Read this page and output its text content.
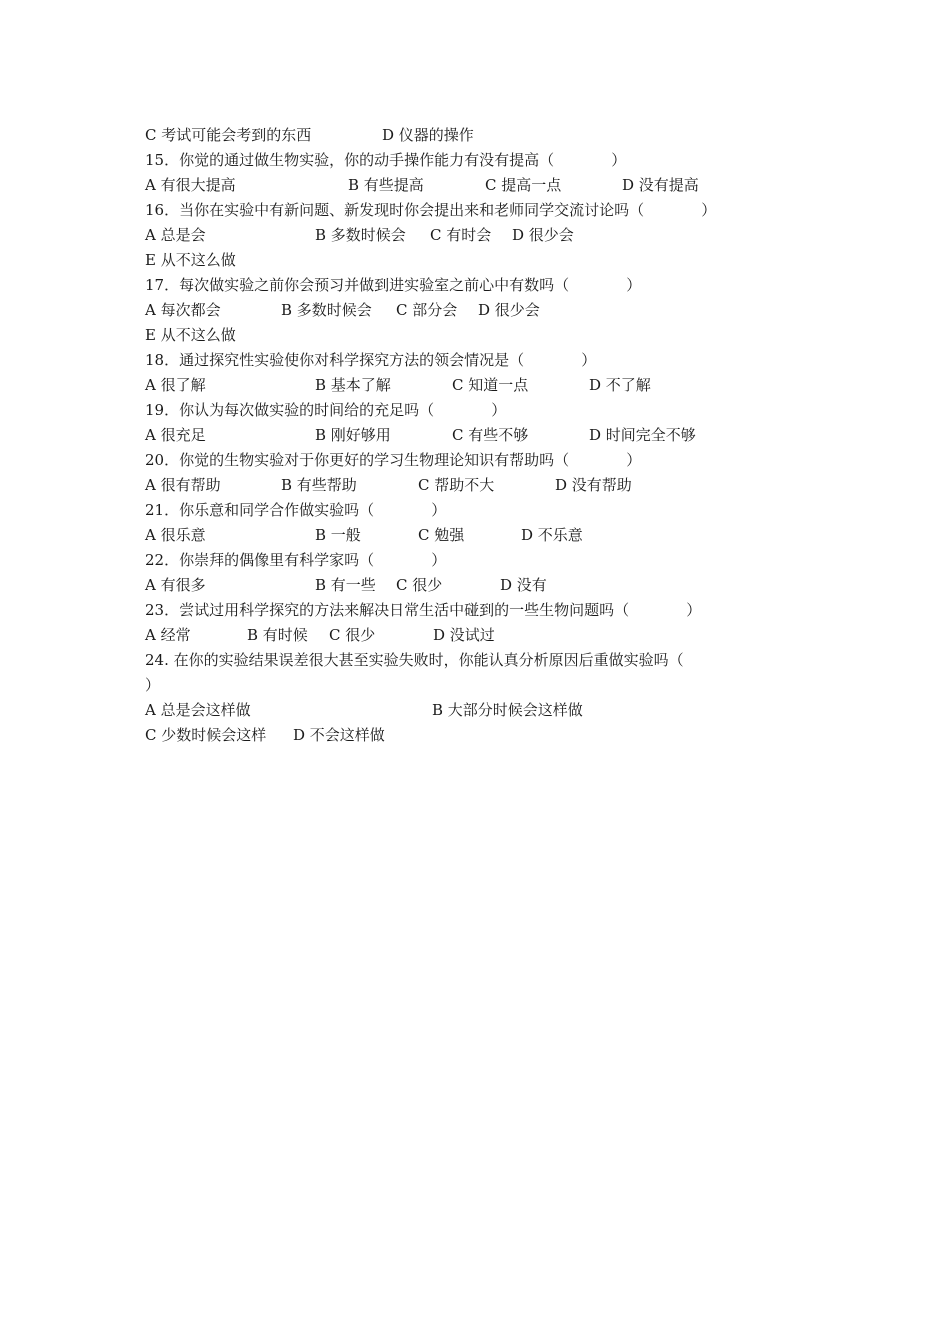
C 考试可能会考到的东西

	D 仪器的操作

15．你觉的通过做生物实验，你的动手操作能力有没有提高（            ）

A 有很大提高

	B 有些提高

	C 提高一点

	D 没有提高

16．当你在实验中有新问题、新发现时你会提出来和老师同学交流讨论吗（            ）

A 总是会

	B 多数时候会

C 有时会

D 很少会

E 从不这么做

17．每次做实验之前你会预习并做到进实验室之前心中有数吗（            ）

A 每次都会

	B 多数时候会

C 部分会

D 很少会

E 从不这么做

18．通过探究性实验使你对科学探究方法的领会情况是（            ）

A 很了解

	B 基本了解

	C 知道一点

	D 不了解

19．你认为每次做实验的时间给的充足吗（            ）

A 很充足

	B 刚好够用

	C 有些不够

	D 时间完全不够

20．你觉的生物实验对于你更好的学习生物理论知识有帮助吗（            ）

A 很有帮助

	B 有些帮助

	C 帮助不大

	D 没有帮助

21．你乐意和同学合作做实验吗（            ）

A 很乐意

	B 一般

	C 勉强

	D 不乐意

22．你崇拜的偶像里有科学家吗（            ）

A 有很多

	B 有一些

C 很少

	D 没有

23．尝试过用科学探究的方法来解决日常生活中碰到的一些生物问题吗（            ）

A 经常

	B 有时候

C 很少

	D 没试过

24. 在你的实验结果误差很大甚至实验失败时，你能认真分析原因后重做实验吗（

）

A 总是会这样做

	B 大部分时候会这样做

C 少数时候会这样

D 不会这样做
